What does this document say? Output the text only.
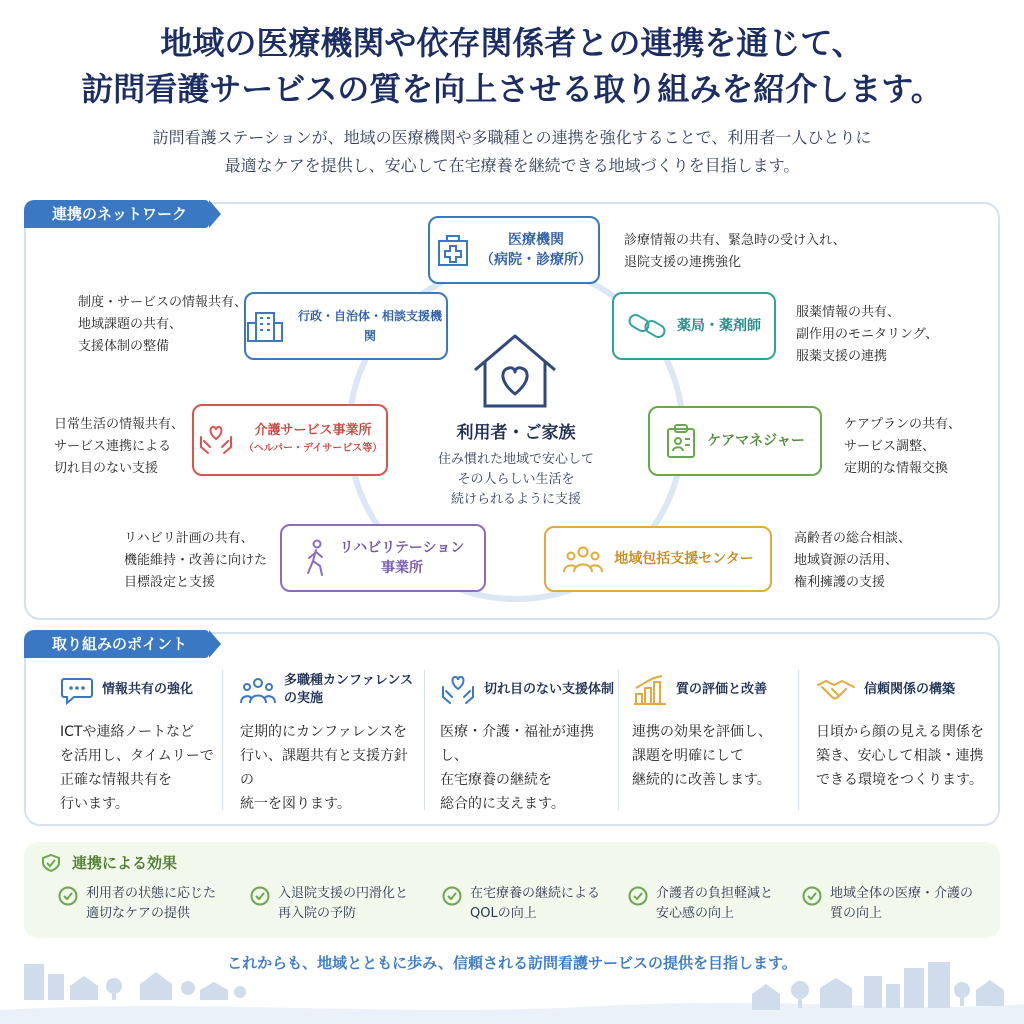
地域の医療機関や依存関係者との連携を通じて、
訪問看護サービスの質を向上させる取り組みを紹介します。
訪問看護ステーションが、地域の医療機関や多職種との連携を強化することで、利用者一人ひとりに
最適なケアを提供し、安心して在宅療養を継続できる地域づくりを目指します。
連携のネットワーク
利用者・ご家族
住み慣れた地域で安心して
その人らしい生活を
続けられるように支援
医療機関
（病院・診療所）
診療情報の共有、緊急時の受け入れ、
退院支援の連携強化
行政・自治体・相談支援機関
制度・サービスの情報共有、
地域課題の共有、
支援体制の整備
薬局・薬剤師
服薬情報の共有、
副作用のモニタリング、
服薬支援の連携
介護サービス事業所
（ヘルパー・デイサービス等）
日常生活の情報共有、
サービス連携による
切れ目のない支援
ケアマネジャー
ケアプランの共有、
サービス調整、
定期的な情報交換
リハビリテーション
事業所
リハビリ計画の共有、
機能維持・改善に向けた
目標設定と支援
地域包括支援センター
高齢者の総合相談、
地域資源の活用、
権利擁護の支援
取り組みのポイント
情報共有の強化
ICTや連絡ノートなど
を活用し、タイムリーで
正確な情報共有を
行います。
多職種カンファレンス
の実施
定期的にカンファレンスを
行い、課題共有と支援方針の
統一を図ります。
切れ目のない支援体制
医療・介護・福祉が連携し、
在宅療養の継続を
総合的に支えます。
質の評価と改善
連携の効果を評価し、
課題を明確にして
継続的に改善します。
信頼関係の構築
日頃から顔の見える関係を
築き、安心して相談・連携
できる環境をつくります。
連携による効果
利用者の状態に応じた
適切なケアの提供
入退院支援の円滑化と
再入院の予防
在宅療養の継続による
QOLの向上
介護者の負担軽減と
安心感の向上
地域全体の医療・介護の
質の向上
これからも、地域とともに歩み、信頼される訪問看護サービスの提供を目指します。
